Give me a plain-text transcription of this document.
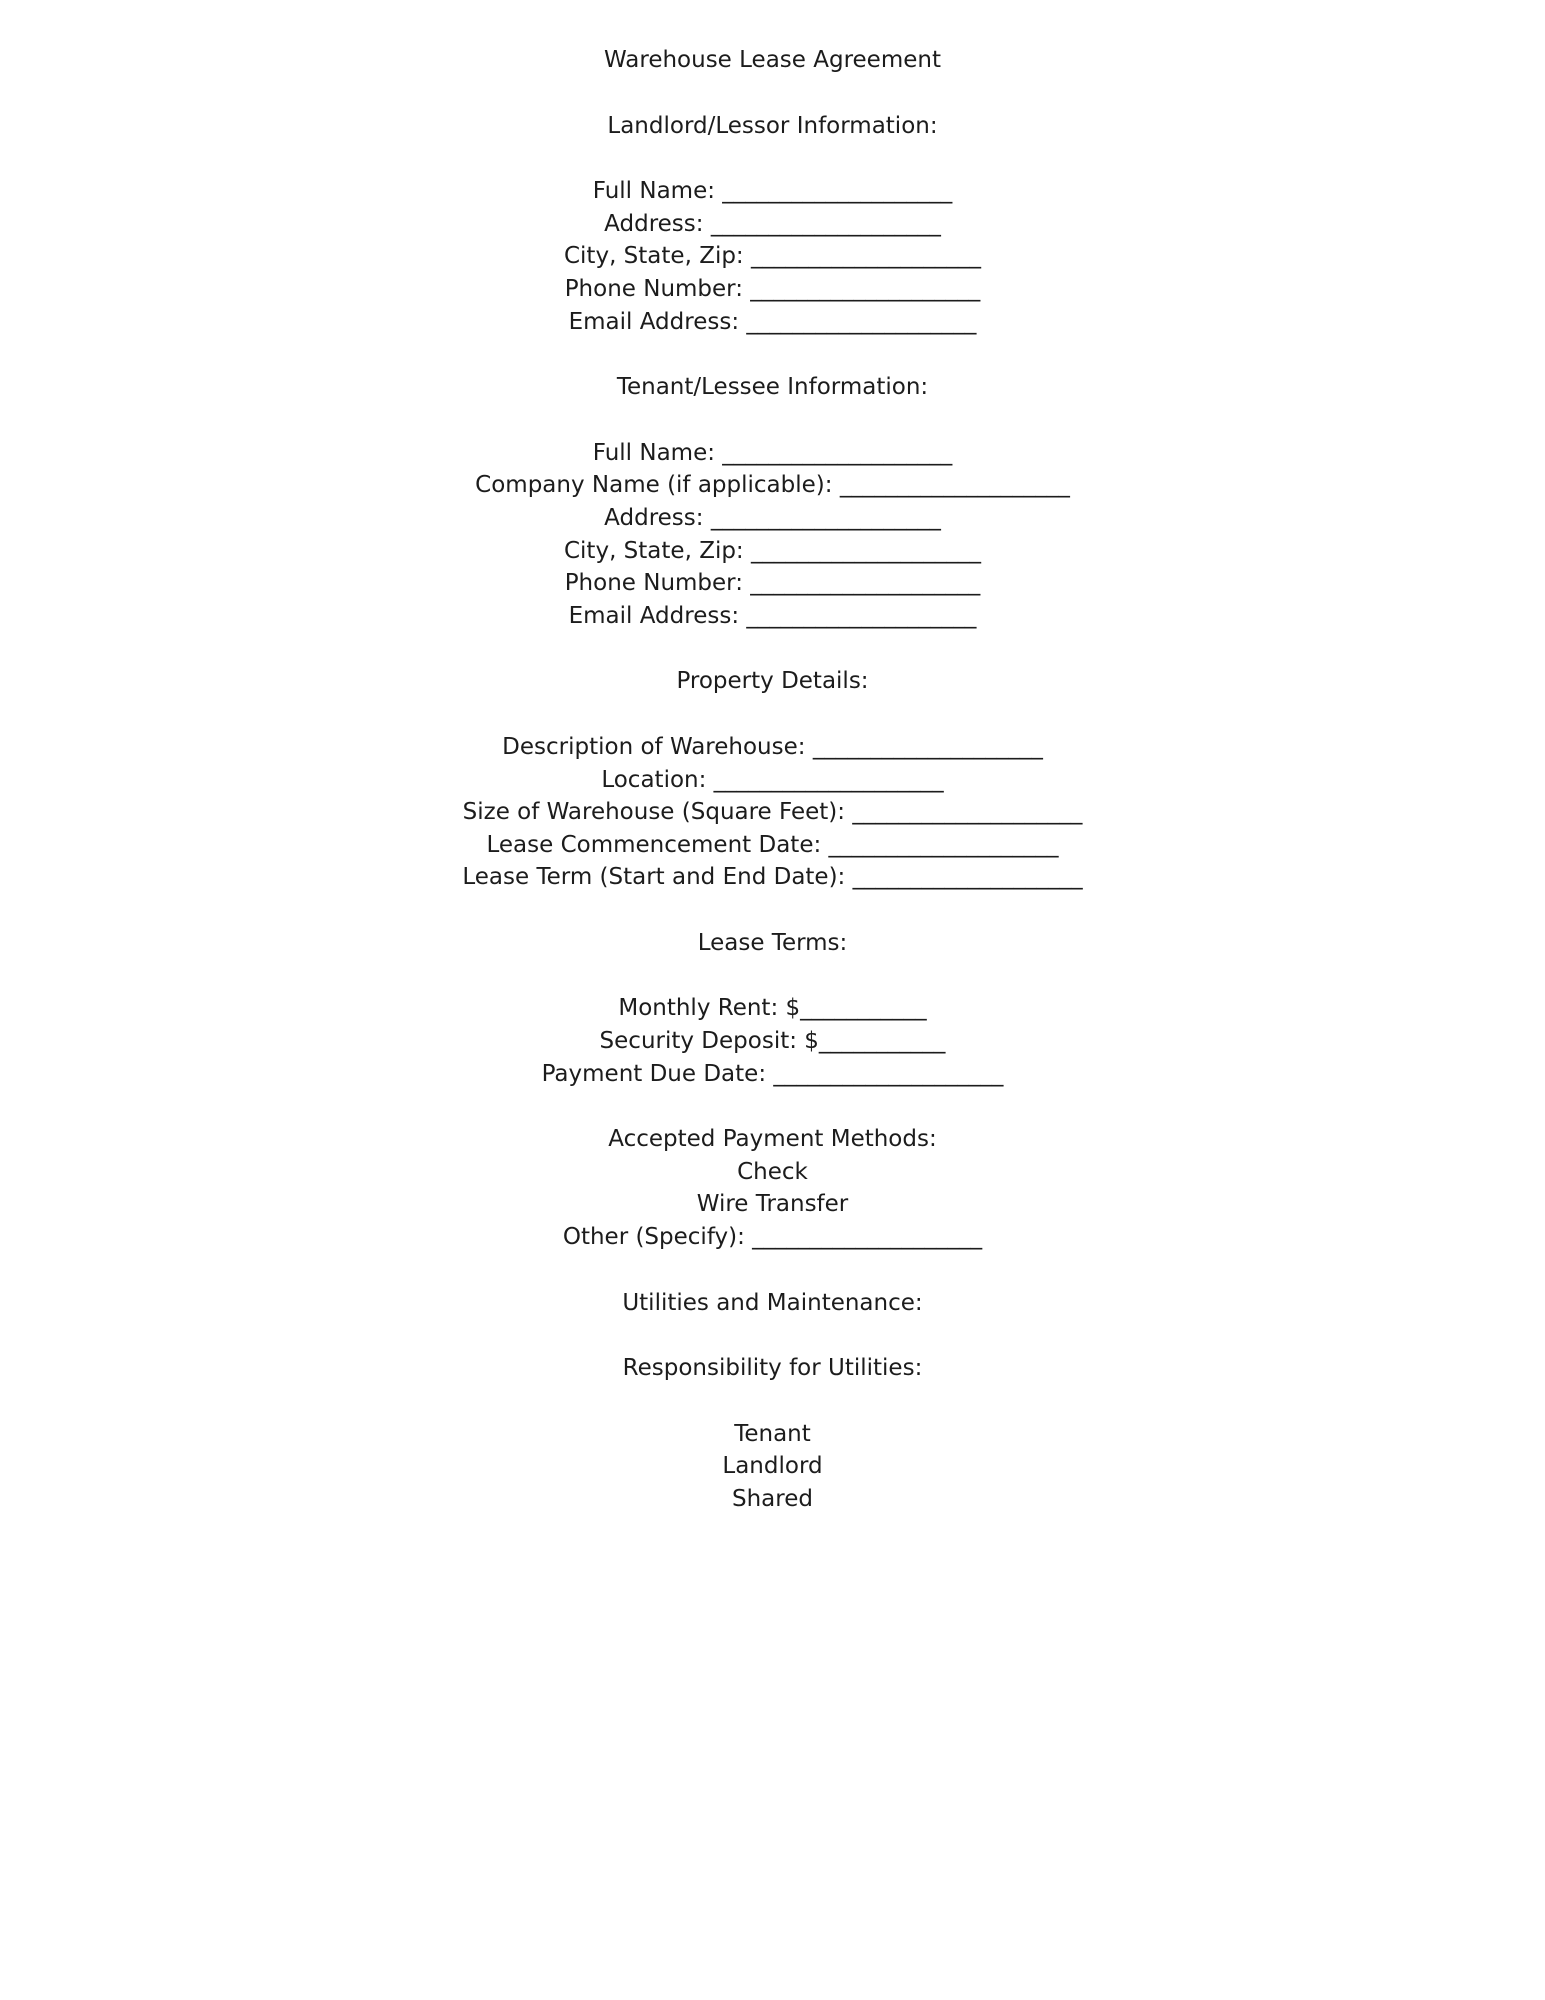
Warehouse Lease Agreement
Landlord/Lessor Information:
Full Name: ____________________
Address: ____________________
City, State, Zip: ____________________
Phone Number: ____________________
Email Address: ____________________
Tenant/Lessee Information:
Full Name: ____________________
Company Name (if applicable): ____________________
Address: ____________________
City, State, Zip: ____________________
Phone Number: ____________________
Email Address: ____________________
Property Details:
Description of Warehouse: ____________________
Location: ____________________
Size of Warehouse (Square Feet): ____________________
Lease Commencement Date: ____________________
Lease Term (Start and End Date): ____________________
Lease Terms:
Monthly Rent: $___________
Security Deposit: $___________
Payment Due Date: ____________________
Accepted Payment Methods:
Check
Wire Transfer
Other (Specify): ____________________
Utilities and Maintenance:
Responsibility for Utilities:
Tenant
Landlord
Shared
